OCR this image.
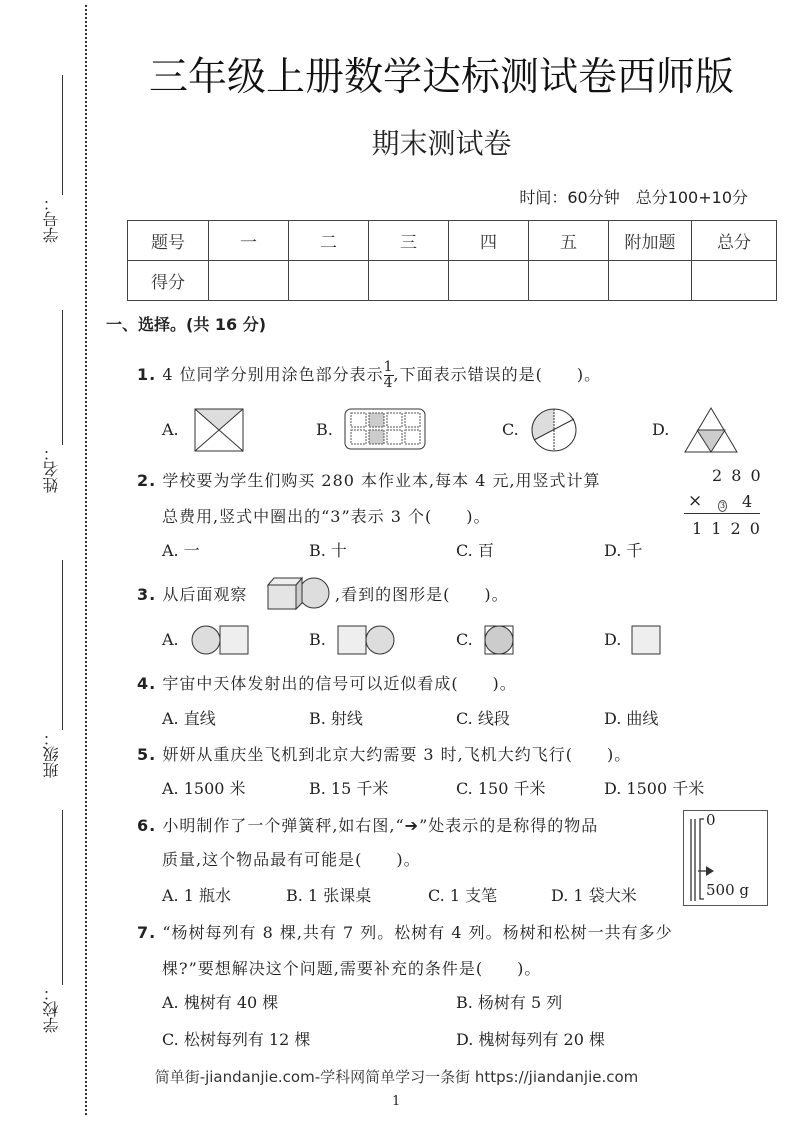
学号：
姓名：
班级：
学校：
三年级上册数学达标测试卷西师版
期末测试卷
时间：60分钟　总分100+10分
题号	一	二	三	四	五	附加题	总分
得分							
一、选择。(共 16 分)
1. 4 位同学分别用涂色部分表示 $\frac{1}{4}$ ,下面表示错误的是(　　)。
A.	B.	C.	D.
2. 学校要为学生们购买 280 本作业本,每本 4 元,用竖式计算
总费用,竖式中圈出的“3”表示 3 个(　　)。
2 8 0
× 3 4
1 1 2 0
A. 一	B. 十	C. 百	D. 千
3. 从后面观察	,看到的图形是(　　)。
A.	B.	C.	D.
4. 宇宙中天体发射出的信号可以近似看成(　　)。
A. 直线	B. 射线	C. 线段	D. 曲线
5. 妍妍从重庆坐飞机到北京大约需要 3 时,飞机大约飞行(　　)。
A. 1500 米	B. 15 千米	C. 150 千米	D. 1500 千米
6. 小明制作了一个弹簧秤,如右图,“➔”处表示的是称得的物品
质量,这个物品最有可能是(　　)。
A. 1 瓶水	B. 1 张课桌	C. 1 支笔	D. 1 袋大米
0
500 g
7. “杨树每列有 8 棵,共有 7 列。松树有 4 列。杨树和松树一共有多少
棵?”要想解决这个问题,需要补充的条件是(　　)。
A. 槐树有 40 棵	B. 杨树有 5 列
C. 松树每列有 12 棵	D. 槐树每列有 20 棵
简单街-jiandanjie.com-学科网简单学习一条街 https://jiandanjie.com
1
